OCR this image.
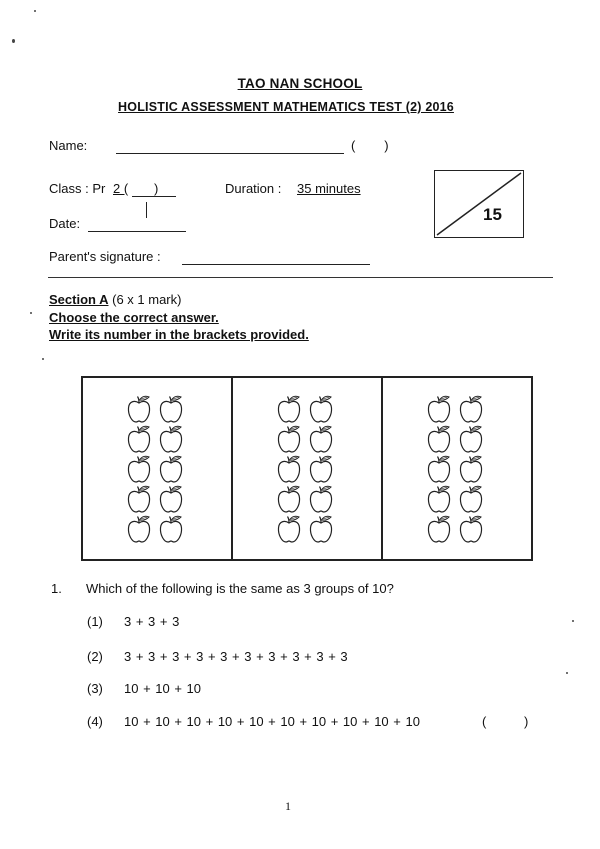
TAO NAN SCHOOL
HOLISTIC ASSESSMENT MATHEMATICS TEST (2) 2016
Name:	(        )
Class : Pr 2 ( )	Duration : 35 minutes
Date:
Parent's signature :
15
Section A (6 x 1 mark)
Choose the correct answer.
Write its number in the brackets provided.
1. Which of the following is the same as 3 groups of 10?
(1) 3 + 3 + 3
(2) 3 + 3 + 3 + 3 + 3 + 3 + 3 + 3 + 3 + 3
(3) 10 + 10 + 10
(4) 10 + 10 + 10 + 10 + 10 + 10 + 10 + 10 + 10 + 10	(	)
1
